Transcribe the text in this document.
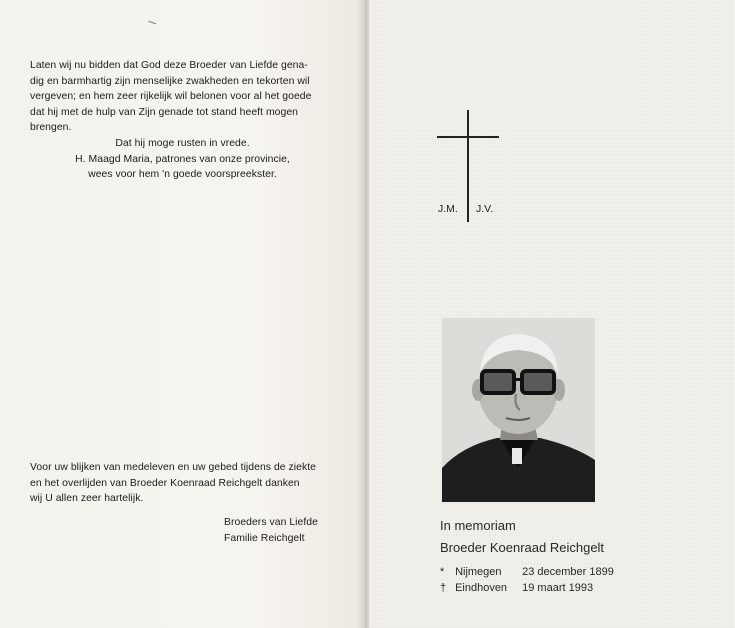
Laten wij nu bidden dat God deze Broeder van Liefde gena-
dig en barmhartig zijn menselijke zwakheden en tekorten wil
vergeven; en hem zeer rijkelijk wil belonen voor al het goede
dat hij met de hulp van Zijn genade tot stand heeft mogen
brengen.
Dat hij moge rusten in vrede.
H. Maagd Maria, patrones van onze provincie,
wees voor hem 'n goede voorspreekster.
Voor uw blijken van medeleven en uw gebed tijdens de ziekte
en het overlijden van Broeder Koenraad Reichgelt danken
wij U allen zeer hartelijk.
Broeders van Liefde
Familie Reichgelt
J.M. J.V.
In memoriam
Broeder Koenraad Reichgelt
* Nijmegen 23 december 1899
† Eindhoven 19 maart 1993
